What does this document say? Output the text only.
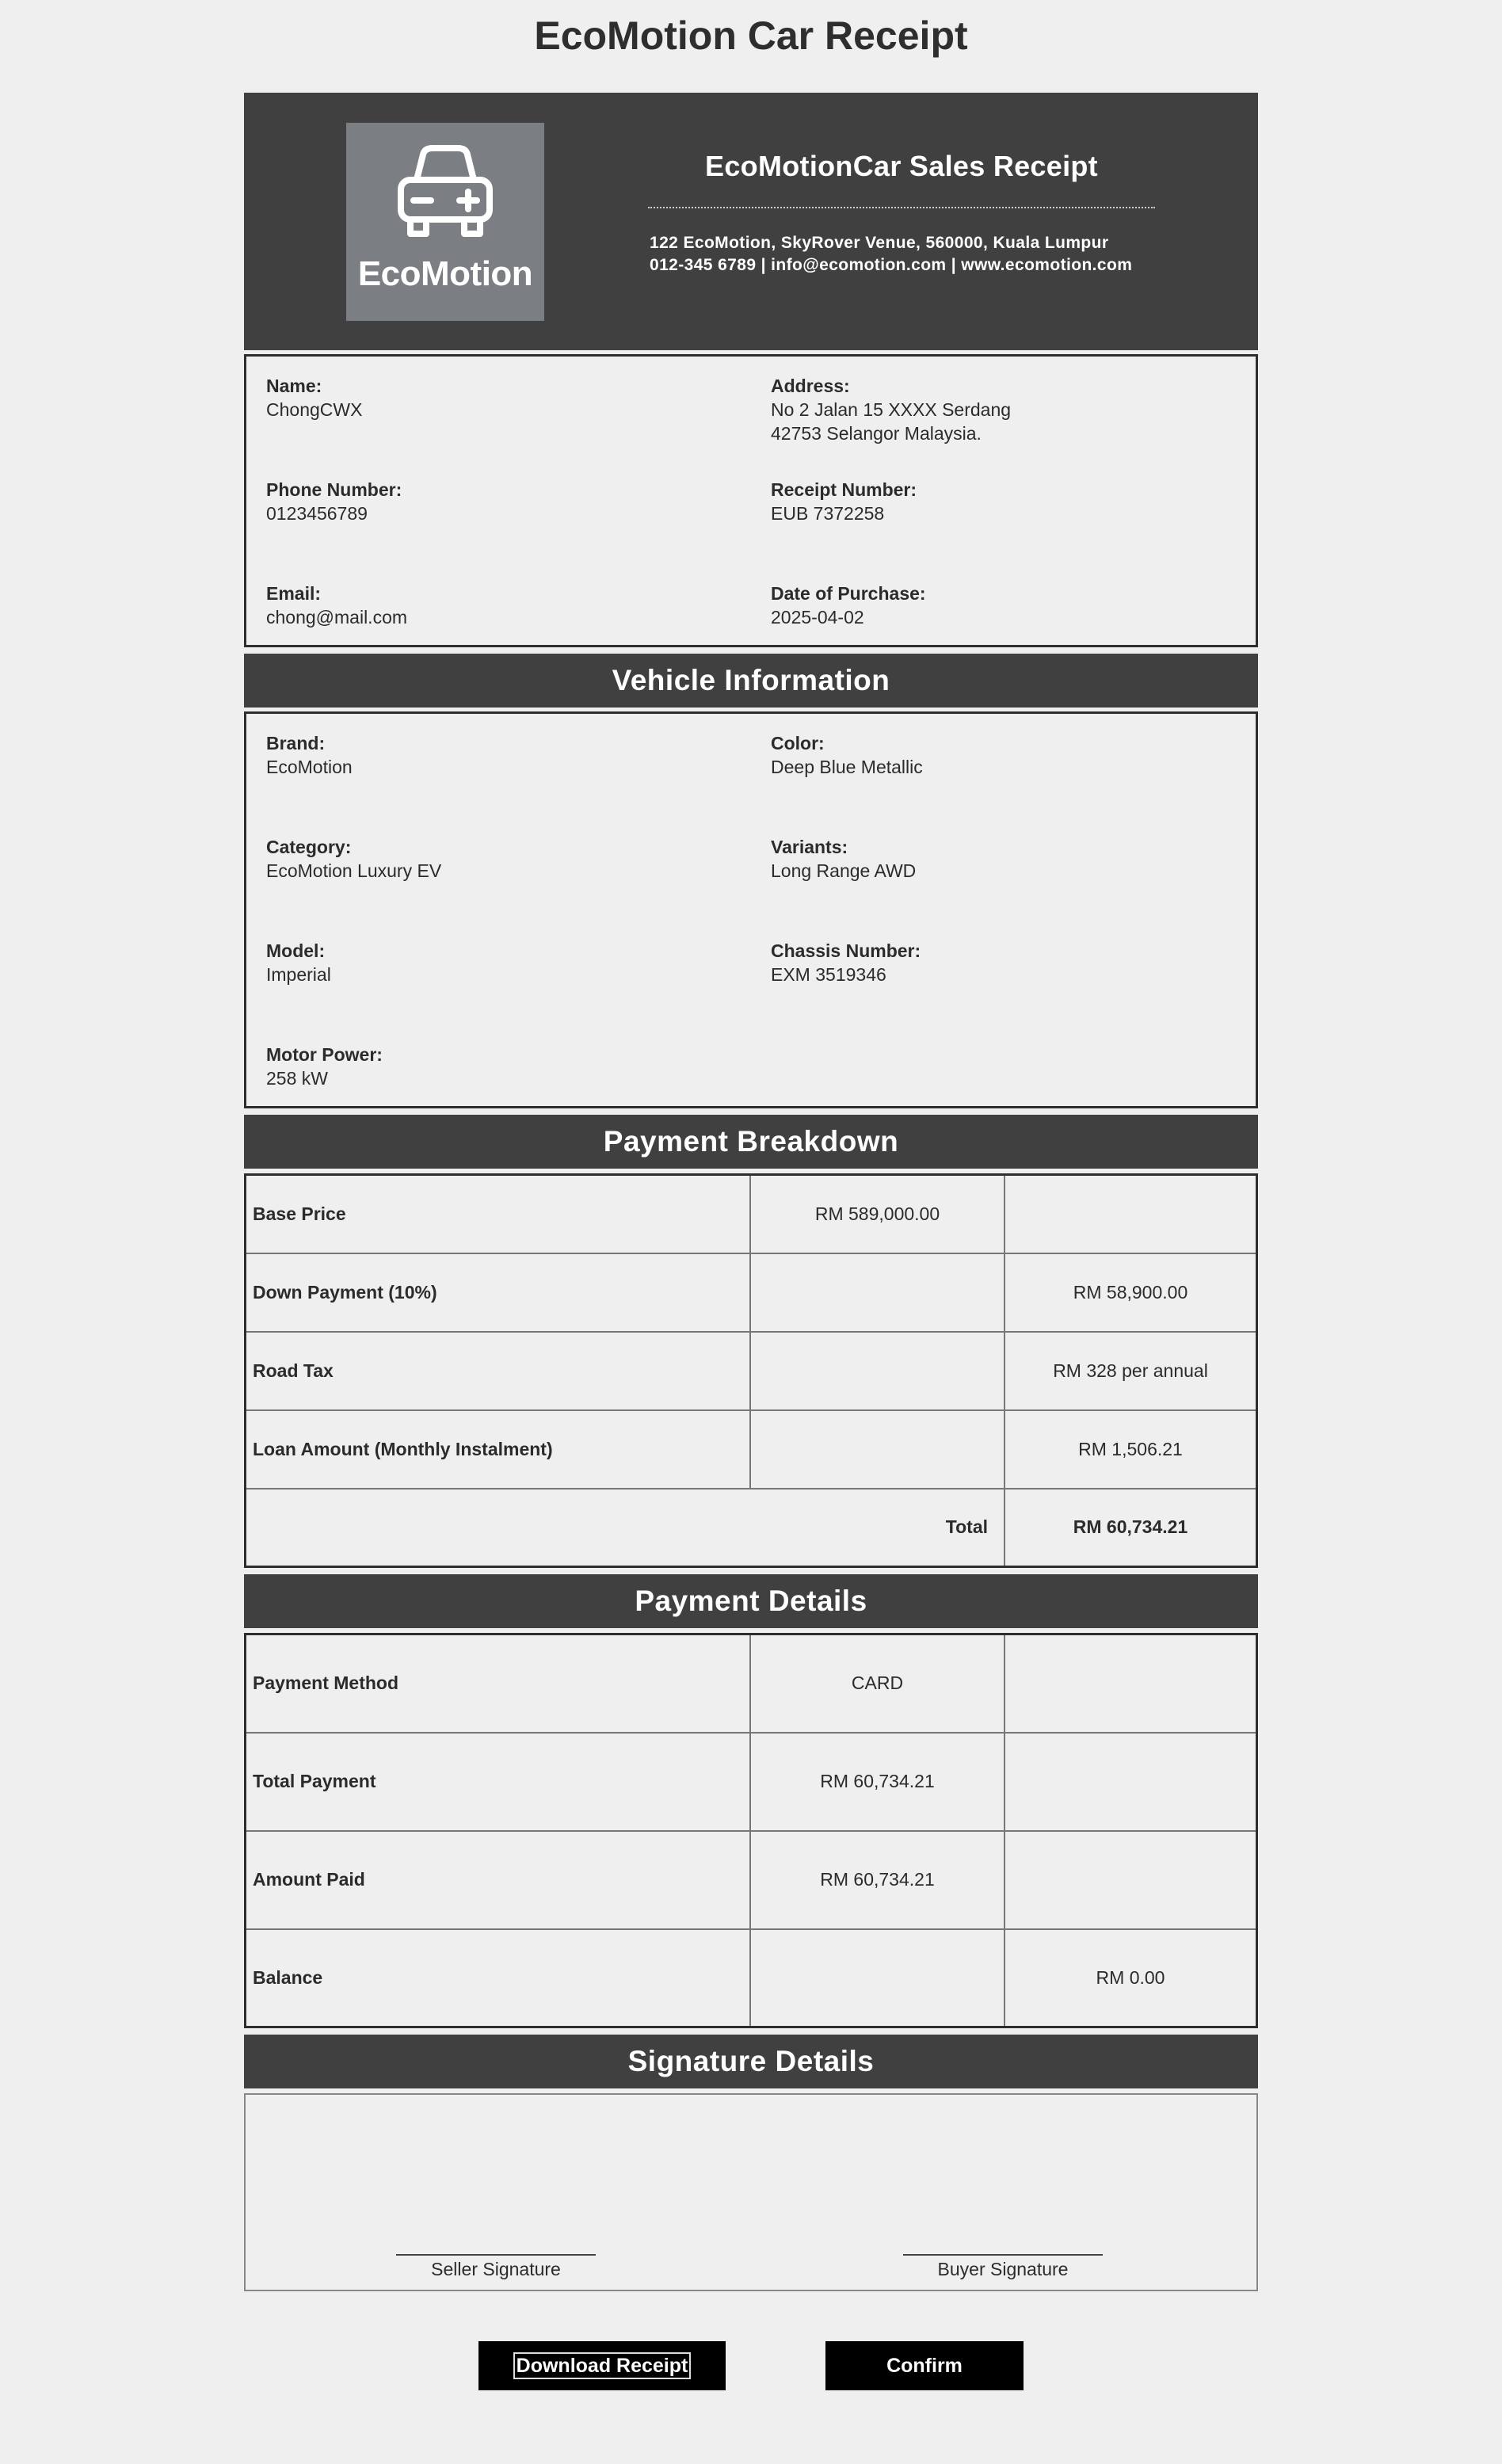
EcoMotion Car Receipt
EcoMotion
EcoMotionCar Sales Receipt
122 EcoMotion, SkyRover Venue, 560000, Kuala Lumpur
012-345 6789 | info@ecomotion.com | www.ecomotion.com
Name:
ChongCWX
Address:
No 2 Jalan 15 XXXX Serdang
42753 Selangor Malaysia.
Phone Number:
0123456789
Receipt Number:
EUB 7372258
Email:
chong@mail.com
Date of Purchase:
2025-04-02
Vehicle Information
Brand:
EcoMotion
Color:
Deep Blue Metallic
Category:
EcoMotion Luxury EV
Variants:
Long Range AWD
Model:
Imperial
Chassis Number:
EXM 3519346
Motor Power:
258 kW
Payment Breakdown
Base Price	RM 589,000.00	
Down Payment (10%)		RM 58,900.00
Road Tax		RM 328 per annual
Loan Amount (Monthly Instalment)		RM 1,506.21
Total		RM 60,734.21
Payment Details
Payment Method	CARD	
Total Payment	RM 60,734.21	
Amount Paid	RM 60,734.21	
Balance		RM 0.00
Signature Details
Seller Signature	Buyer Signature
Download Receipt	Confirm
